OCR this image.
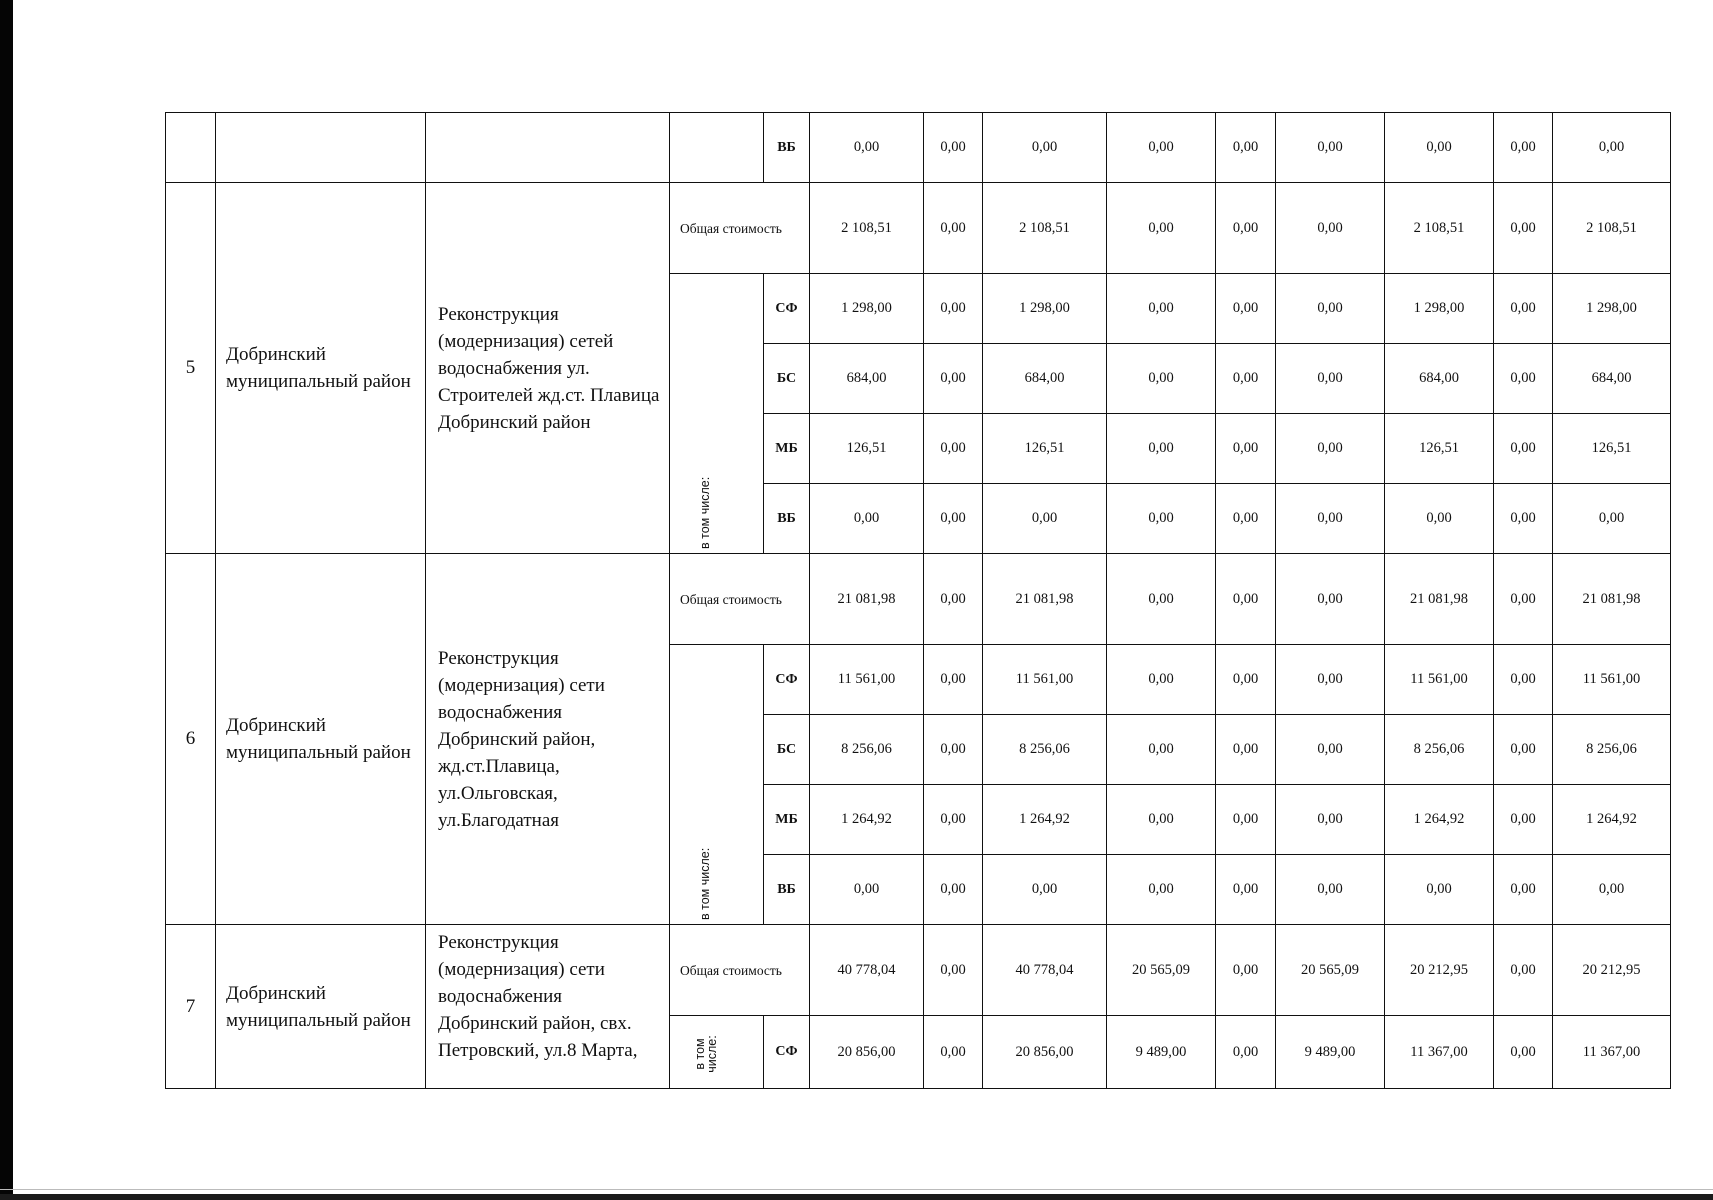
				ВБ	0,00	0,00	0,00	0,00	0,00	0,00	0,00	0,00	0,00
5	Добринский муниципальный район	Реконструкция (модернизация) сетей водоснабжения ул. Строителей жд.ст. Плавица Добринский район	Общая стоимость		2 108,51	0,00	2 108,51	0,00	0,00	0,00	2 108,51	0,00	2 108,51

			в том числе:	СФ	1 298,00	0,00	1 298,00	0,00	0,00	0,00	1 298,00	0,00	1 298,00
				БС	684,00	0,00	684,00	0,00	0,00	0,00	684,00	0,00	684,00
				МБ	126,51	0,00	126,51	0,00	0,00	0,00	126,51	0,00	126,51
				ВБ	0,00	0,00	0,00	0,00	0,00	0,00	0,00	0,00	0,00
6	Добринский муниципальный район	Реконструкция (модернизация) сети водоснабжения Добринский район, жд.ст.Плавица, ул.Ольговская, ул.Благодатная	Общая стоимость		21 081,98	0,00	21 081,98	0,00	0,00	0,00	21 081,98	0,00	21 081,98

			в том числе:	СФ	11 561,00	0,00	11 561,00	0,00	0,00	0,00	11 561,00	0,00	11 561,00
				БС	8 256,06	0,00	8 256,06	0,00	0,00	0,00	8 256,06	0,00	8 256,06
				МБ	1 264,92	0,00	1 264,92	0,00	0,00	0,00	1 264,92	0,00	1 264,92
				ВБ	0,00	0,00	0,00	0,00	0,00	0,00	0,00	0,00	0,00
7	Добринский муниципальный район	Реконструкция (модернизация) сети водоснабжения Добринский район, свх. Петровский, ул.8 Марта,	Общая стоимость		40 778,04	0,00	40 778,04	20 565,09	0,00	20 565,09	20 212,95	0,00	20 212,95

			в том числе:	СФ	20 856,00	0,00	20 856,00	9 489,00	0,00	9 489,00	11 367,00	0,00	11 367,00
